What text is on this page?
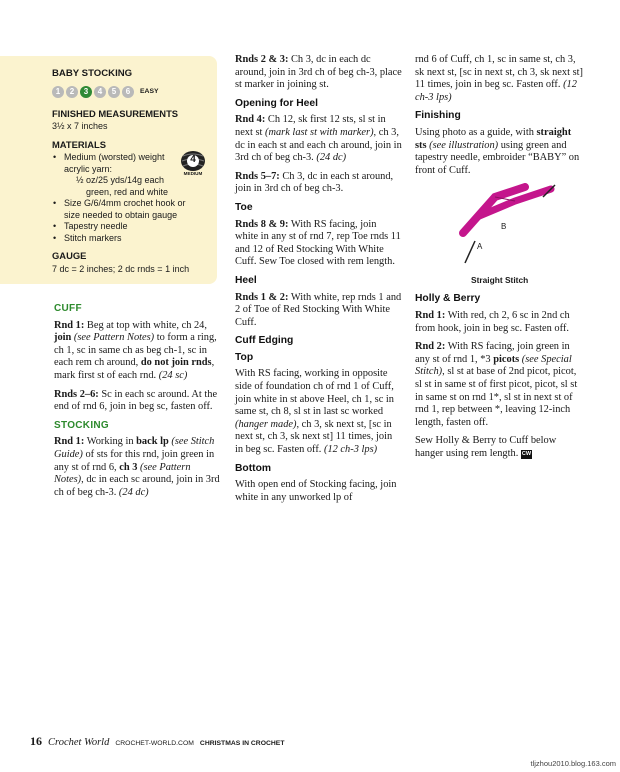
BABY STOCKING
1	2	3	4	5	6	EASY
FINISHED MEASUREMENTS
3½ x 7 inches
MATERIALS
• Medium (worsted) weight
acrylic yarn:
½ oz/25 yds/14g each
green, red and white
• Size G/6/4mm crochet hook or size needed to obtain gauge
• Tapestry needle
• Stitch markers
GAUGE
7 dc = 2 inches; 2 dc rnds = 1 inch
4
MEDIUM
CUFF

Rnd 1: Beg at top with white, ch 24, join (see Pattern Notes) to form a ring, ch 1, sc in same ch as beg ch-1, sc in each rem ch around, do not join rnds, mark first st of each rnd. (24 sc)

Rnds 2–6: Sc in each sc around. At the end of rnd 6, join in beg sc, fasten off.

STOCKING

Rnd 1: Working in back lp (see Stitch Guide) of sts for this rnd, join green in any st of rnd 6, ch 3 (see Pattern Notes), dc in each sc around, join in 3rd ch of beg ch-3. (24 dc)

Rnds 2 & 3: Ch 3, dc in each dc around, join in 3rd ch of beg ch-3, place st marker in joining st.

Opening for Heel

Rnd 4: Ch 12, sk first 12 sts, sl st in next st (mark last st with marker), ch 3, dc in each st and each ch around, join in 3rd ch of beg ch-3. (24 dc)

Rnds 5–7: Ch 3, dc in each st around, join in 3rd ch of beg ch-3.

Toe

Rnds 8 & 9: With RS facing, join white in any st of rnd 7, rep Toe rnds 11 and 12 of Red Stocking With White Cuff. Sew Toe closed with rem length.

Heel

Rnds 1 & 2: With white, rep rnds 1 and 2 of Toe of Red Stocking With White Cuff.

Cuff Edging
Top

With RS facing, working in opposite side of foundation ch of rnd 1 of Cuff, join white in st above Heel, ch 1, sc in same st, ch 8, sl st in last sc worked (hanger made), ch 3, sk next st, [sc in next st, ch 3, sk next st] 11 times, join in beg sc. Fasten off. (12 ch-3 lps)

Bottom

With open end of Stocking facing, join white in any unworked lp of

rnd 6 of Cuff, ch 1, sc in same st, ch 3, sk next st, [sc in next st, ch 3, sk next st] 11 times, join in beg sc. Fasten off. (12 ch-3 lps)

Finishing

Using photo as a guide, with straight sts (see illustration) using green and tapestry needle, embroider “BABY” on front of Cuff.

A
B
Straight Stitch
Holly & Berry

Rnd 1: With red, ch 2, 6 sc in 2nd ch from hook, join in beg sc. Fasten off.

Rnd 2: With RS facing, join green in any st of rnd 1, *3 picots (see Special Stitch), sl st at base of 2nd picot, picot, sl st in same st of first picot, picot, sl st in same st on rnd 1*, sl st in next st of rnd 1, rep between *, leaving 12-inch length, fasten off.

Sew Holly & Berry to Cuff below hanger using rem length. CW

16 Crochet World CROCHET-WORLD.COM CHRISTMAS IN CROCHET
tljzhou2010.blog.163.com
